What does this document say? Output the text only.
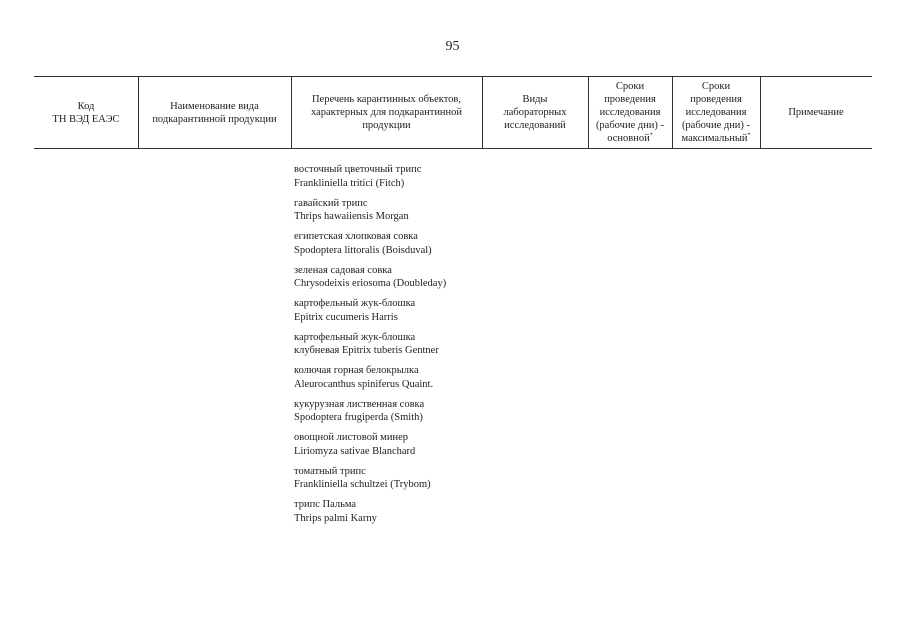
95
Код
ТН ВЭД ЕАЭС
Наименование вида
подкарантинной продукции
Перечень карантинных объектов,
характерных для подкарантинной
продукции
Виды
лабораторных
исследований
Сроки
проведения
исследования
(рабочие дни) -
основной*
Сроки
проведения
исследования
(рабочие дни) -
максимальный*
Примечание
восточный цветочный трипс
Frankliniella tritici (Fitch)
гавайский трипс
Thrips hawaiiensis Morgan
египетская хлопковая совка
Spodoptera littoralis (Boisduval)
зеленая садовая совка
Chrysodeixis eriosoma (Doubleday)
картофельный жук-блошка
Epitrix cucumeris Harris
картофельный жук-блошка
клубневая Epitrix tuberis Gentner
колючая горная белокрылка
Aleurocanthus spiniferus Quaint.
кукурузная лиственная совка
Spodoptera frugiperda (Smith)
овощной листовой минер
Liriomyza sativae Blanchard
томатный трипс
Frankliniella schultzei (Trybom)
трипс Пальма
Thrips palmi Karny
